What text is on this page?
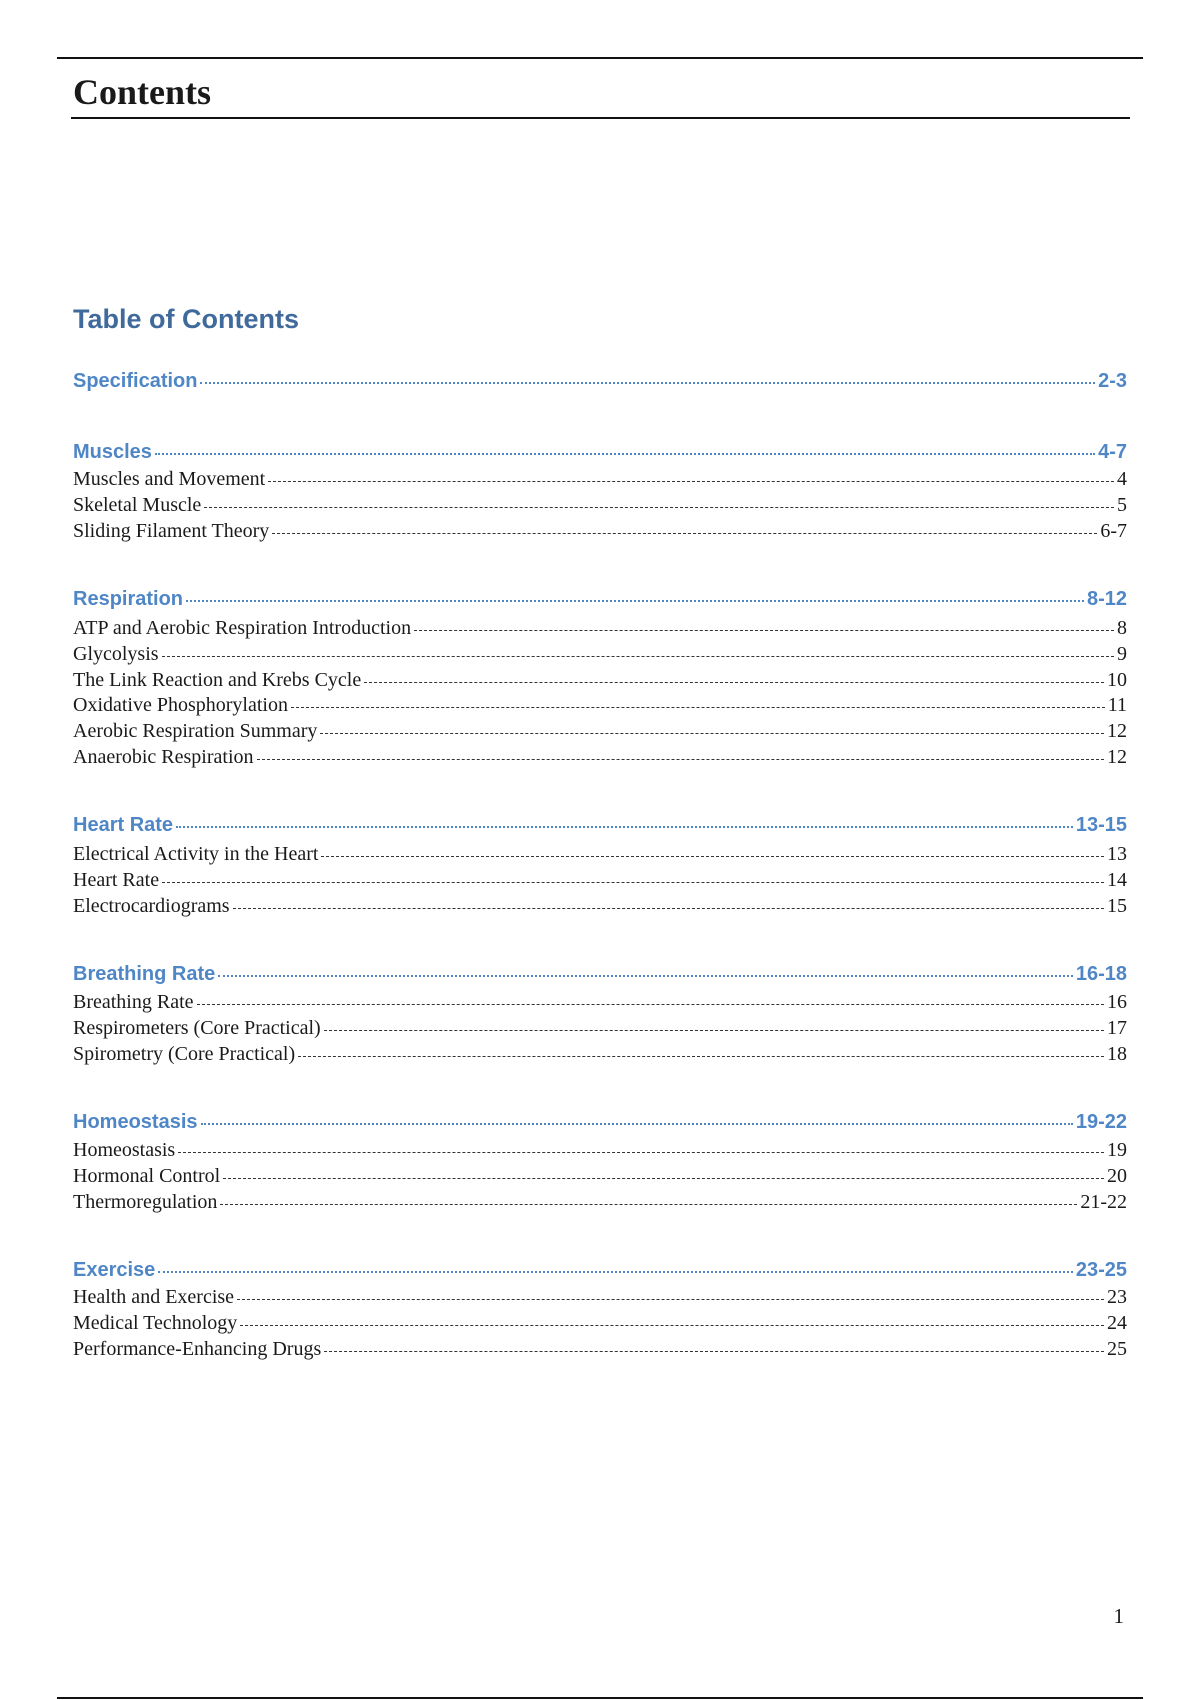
Contents
Table of Contents
Specification	2-3
Muscles	4-7
Muscles and Movement	4
Skeletal Muscle	5
Sliding Filament Theory	6-7
Respiration	8-12
ATP and Aerobic Respiration Introduction	8
Glycolysis	9
The Link Reaction and Krebs Cycle	10
Oxidative Phosphorylation	11
Aerobic Respiration Summary	12
Anaerobic Respiration	12
Heart Rate	13-15
Electrical Activity in the Heart	13
Heart Rate	14
Electrocardiograms	15
Breathing Rate	16-18
Breathing Rate	16
Respirometers (Core Practical)	17
Spirometry (Core Practical)	18
Homeostasis	19-22
Homeostasis	19
Hormonal Control	20
Thermoregulation	21-22
Exercise	23-25
Health and Exercise	23
Medical Technology	24
Performance-Enhancing Drugs	25
1
